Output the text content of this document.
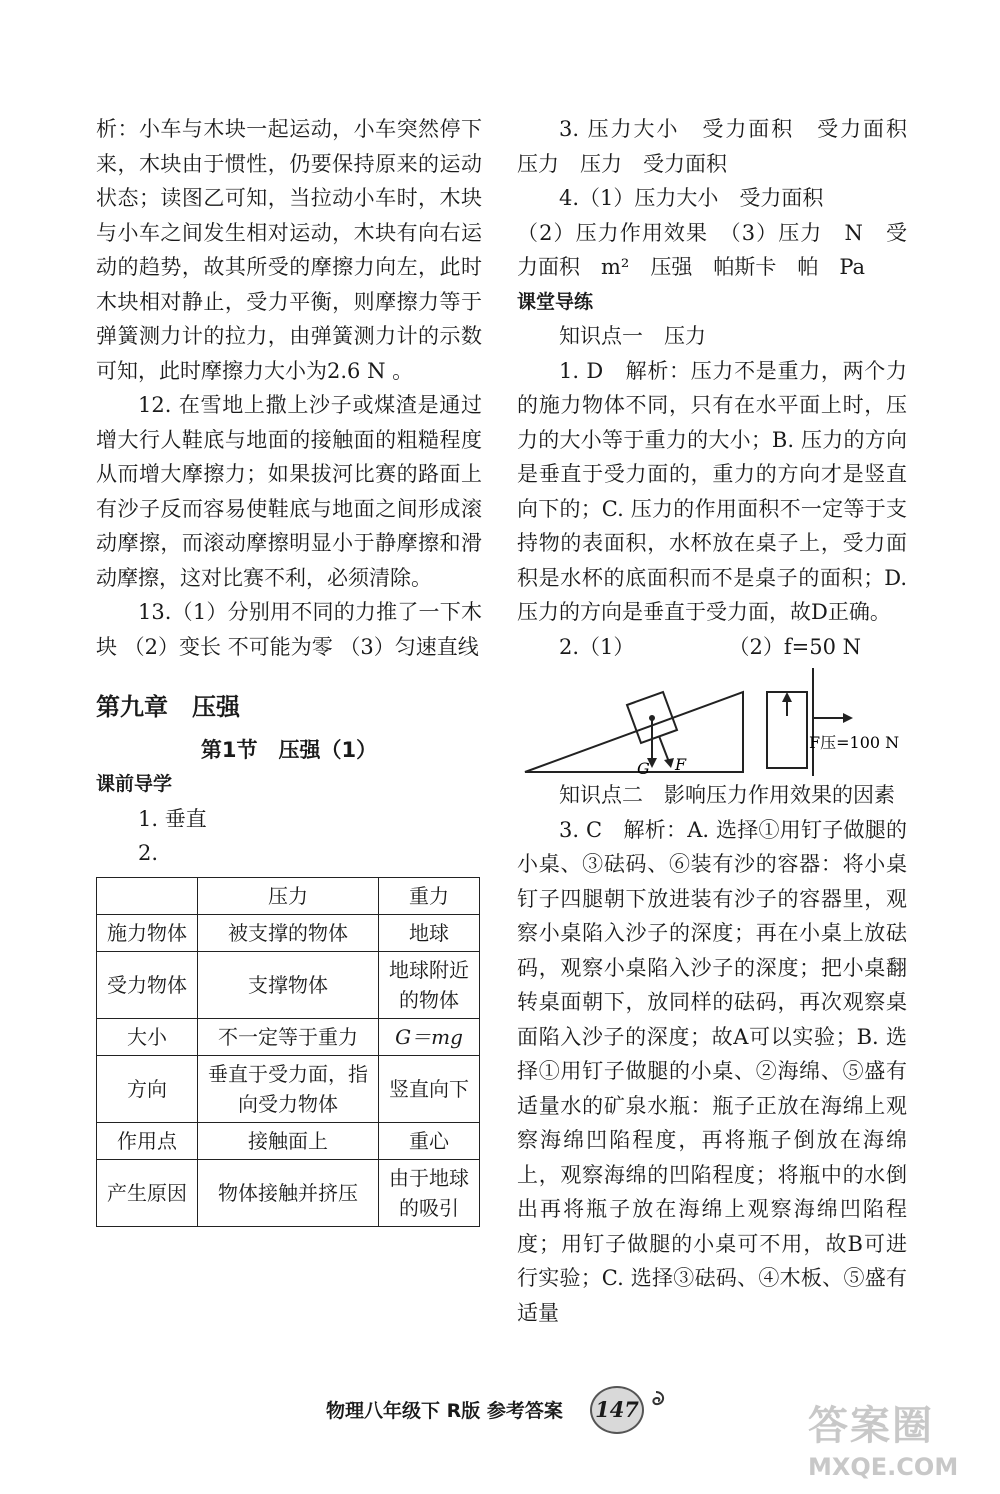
析：小车与木块一起运动，小车突然停下来，木块由于惯性，仍要保持原来的运动状态；读图乙可知，当拉动小车时，木块与小车之间发生相对运动，木块有向右运动的趋势，故其所受的摩擦力向左，此时木块相对静止，受力平衡，则摩擦力等于弹簧测力计的拉力，由弹簧测力计的示数可知，此时摩擦力大小为2.6 N 。

12. 在雪地上撒上沙子或煤渣是通过增大行人鞋底与地面的接触面的粗糙程度从而增大摩擦力；如果拔河比赛的路面上有沙子反而容易使鞋底与地面之间形成滚动摩擦，而滚动摩擦明显小于静摩擦和滑动摩擦，这对比赛不利，必须清除。

13.（1）分别用不同的力推了一下木块 （2）变长 不可能为零 （3）匀速直线

第九章　压强
第1节　压强（1）
课前导学
1. 垂直
2.
	压力	重力
施力物体	被支撑的物体	地球
受力物体	支撑物体	地球附近的物体
大小	不一定等于重力	G＝mg
方向	垂直于受力面，指向受力物体	竖直向下
作用点	接触面上	重心
产生原因	物体接触并挤压	由于地球的吸引

3. 压力大小　受力面积　受力面积　压力　压力　受力面积

4.（1）压力大小　受力面积

（2）压力作用效果　（3）压力　N　受力面积　m²　压强　帕斯卡　帕　Pa

课堂导练
知识点一　压力

1. D　解析：压力不是重力，两个力的施力物体不同，只有在水平面上时，压力的大小等于重力的大小；B. 压力的方向是垂直于受力面的，重力的方向才是竖直向下的；C. 压力的作用面积不一定等于支持物的表面积，水杯放在桌子上，受力面积是水杯的底面积而不是桌子的面积；D. 压力的方向是垂直于受力面，故D正确。

2.（1）	（2）f=50 N
G F
F压=100 N
知识点二　影响压力作用效果的因素

3. C　解析：A. 选择①用钉子做腿的小桌、③砝码、⑥装有沙的容器：将小桌钉子四腿朝下放进装有沙子的容器里，观察小桌陷入沙子的深度；再在小桌上放砝码，观察小桌陷入沙子的深度；把小桌翻转桌面朝下，放同样的砝码，再次观察桌面陷入沙子的深度；故A可以实验；B. 选择①用钉子做腿的小桌、②海绵、⑤盛有适量水的矿泉水瓶：瓶子正放在海绵上观察海绵凹陷程度，再将瓶子倒放在海绵上，观察海绵的凹陷程度；将瓶中的水倒出再将瓶子放在海绵上观察海绵凹陷程度；用钉子做腿的小桌可不用，故B可进行实验；C. 选择③砝码、④木板、⑤盛有适量

物理八年级下 R版 参考答案 147	答案圈
MXQE.COM
